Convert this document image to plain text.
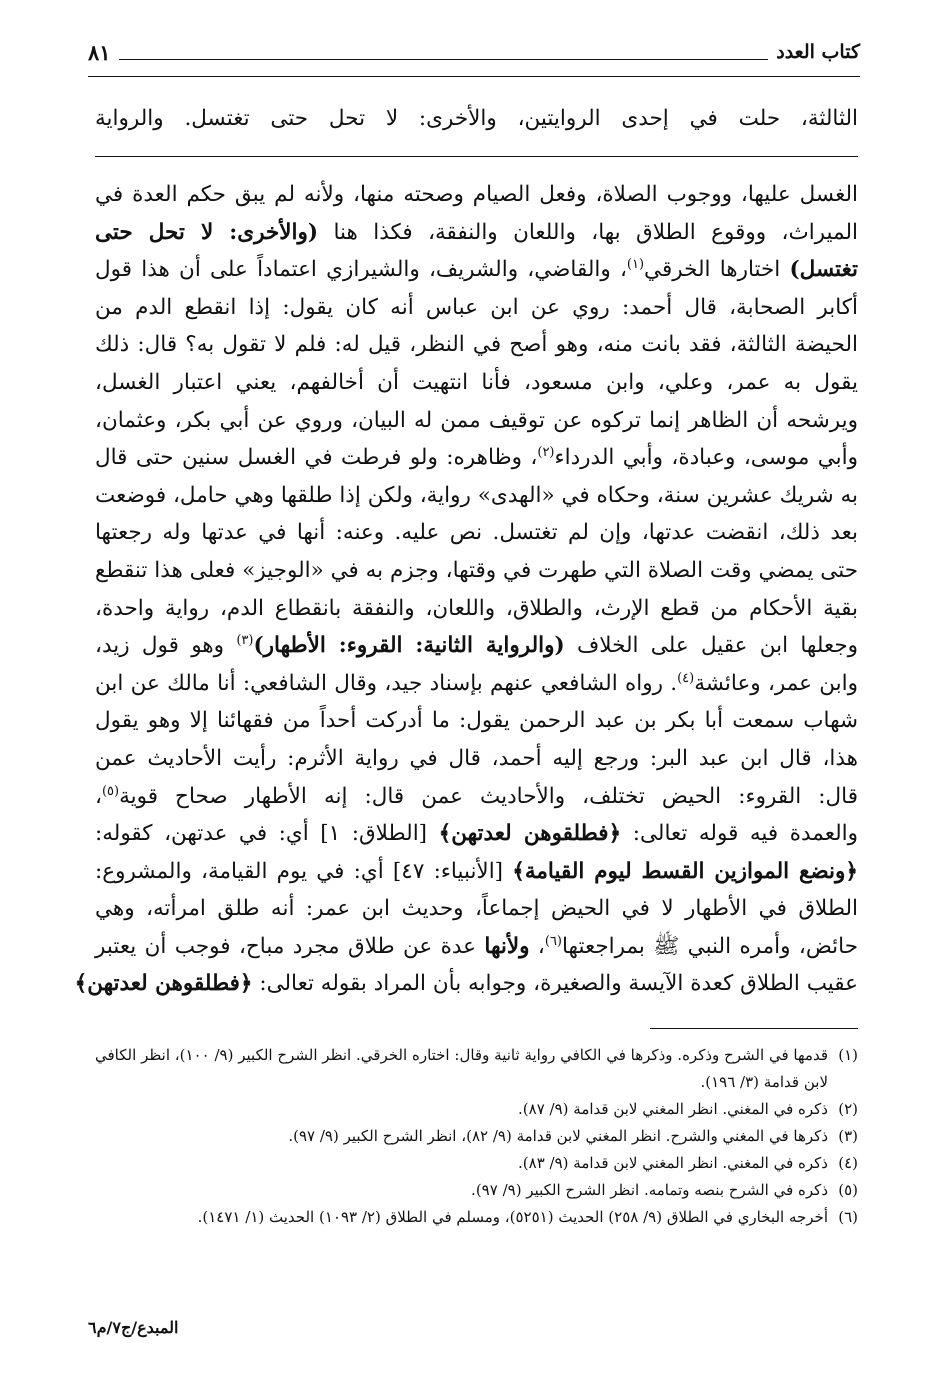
كتاب العدد
٨١
الثالثة، حلت في إحدى الروايتين، والأخرى: لا تحل حتى تغتسل. والرواية
الغسل عليها، ووجوب الصلاة، وفعل الصيام وصحته منها، ولأنه لم يبق حكم العدة في
الميراث، ووقوع الطلاق بها، واللعان والنفقة، فكذا هنا (والأخرى: لا تحل حتى
تغتسل) اختارها الخرقي$^{(١)}$، والقاضي، والشريف، والشيرازي اعتماداً على أن هذا قول
أكابر الصحابة، قال أحمد: روي عن ابن عباس أنه كان يقول: إذا انقطع الدم من
الحيضة الثالثة، فقد بانت منه، وهو أصح في النظر، قيل له: فلم لا تقول به؟ قال: ذلك
يقول به عمر، وعلي، وابن مسعود، فأنا انتهيت أن أخالفهم، يعني اعتبار الغسل،
ويرشحه أن الظاهر إنما تركوه عن توقيف ممن له البيان، وروي عن أبي بكر، وعثمان،
وأبي موسى، وعبادة، وأبي الدرداء$^{(٢)}$، وظاهره: ولو فرطت في الغسل سنين حتى قال
به شريك عشرين سنة، وحكاه في «الهدى» رواية، ولكن إذا طلقها وهي حامل، فوضعت
بعد ذلك، انقضت عدتها، وإن لم تغتسل. نص عليه. وعنه: أنها في عدتها وله رجعتها
حتى يمضي وقت الصلاة التي طهرت في وقتها، وجزم به في «الوجيز» فعلى هذا تنقطع
بقية الأحكام من قطع الإرث، والطلاق، واللعان، والنفقة بانقطاع الدم، رواية واحدة،
وجعلها ابن عقيل على الخلاف (والرواية الثانية: القروء: الأطهار)$^{(٣)}$ وهو قول زيد،
وابن عمر، وعائشة$^{(٤)}$. رواه الشافعي عنهم بإسناد جيد، وقال الشافعي: أنا مالك عن ابن
شهاب سمعت أبا بكر بن عبد الرحمن يقول: ما أدركت أحداً من فقهائنا إلا وهو يقول
هذا، قال ابن عبد البر: ورجع إليه أحمد، قال في رواية الأثرم: رأيت الأحاديث عمن
قال: القروء: الحيض تختلف، والأحاديث عمن قال: إنه الأطهار صحاح قوية$^{(٥)}$،
والعمدة فيه قوله تعالى: ﴿فطلقوهن لعدتهن﴾ [الطلاق: ١] أي: في عدتهن، كقوله:
﴿ونضع الموازين القسط ليوم القيامة﴾ [الأنبياء: ٤٧] أي: في يوم القيامة، والمشروع:
الطلاق في الأطهار لا في الحيض إجماعاً، وحديث ابن عمر: أنه طلق امرأته، وهي
حائض، وأمره النبي ﷺ بمراجعتها$^{(٦)}$، ولأنها عدة عن طلاق مجرد مباح، فوجب أن يعتبر
عقيب الطلاق كعدة الآيسة والصغيرة، وجوابه بأن المراد بقوله تعالى: ﴿فطلقوهن لعدتهن﴾
(١)
قدمها في الشرح وذكره. وذكرها في الكافي رواية ثانية وقال: اختاره الخرقي. انظر الشرح الكبير (٩/ ١٠٠)، انظر الكافي لابن قدامة (٣/ ١٩٦).
(٢)
ذكره في المغني. انظر المغني لابن قدامة (٩/ ٨٧).
(٣)
ذكرها في المغني والشرح. انظر المغني لابن قدامة (٩/ ٨٢)، انظر الشرح الكبير (٩/ ٩٧).
(٤)
ذكره في المغني. انظر المغني لابن قدامة (٩/ ٨٣).
(٥)
ذكره في الشرح بنصه وتمامه. انظر الشرح الكبير (٩/ ٩٧).
(٦)
أخرجه البخاري في الطلاق (٩/ ٢٥٨) الحديث (٥٢٥١)، ومسلم في الطلاق (٢/ ١٠٩٣) الحديث (١/ ١٤٧١).
المبدع/ج٧/م٦
